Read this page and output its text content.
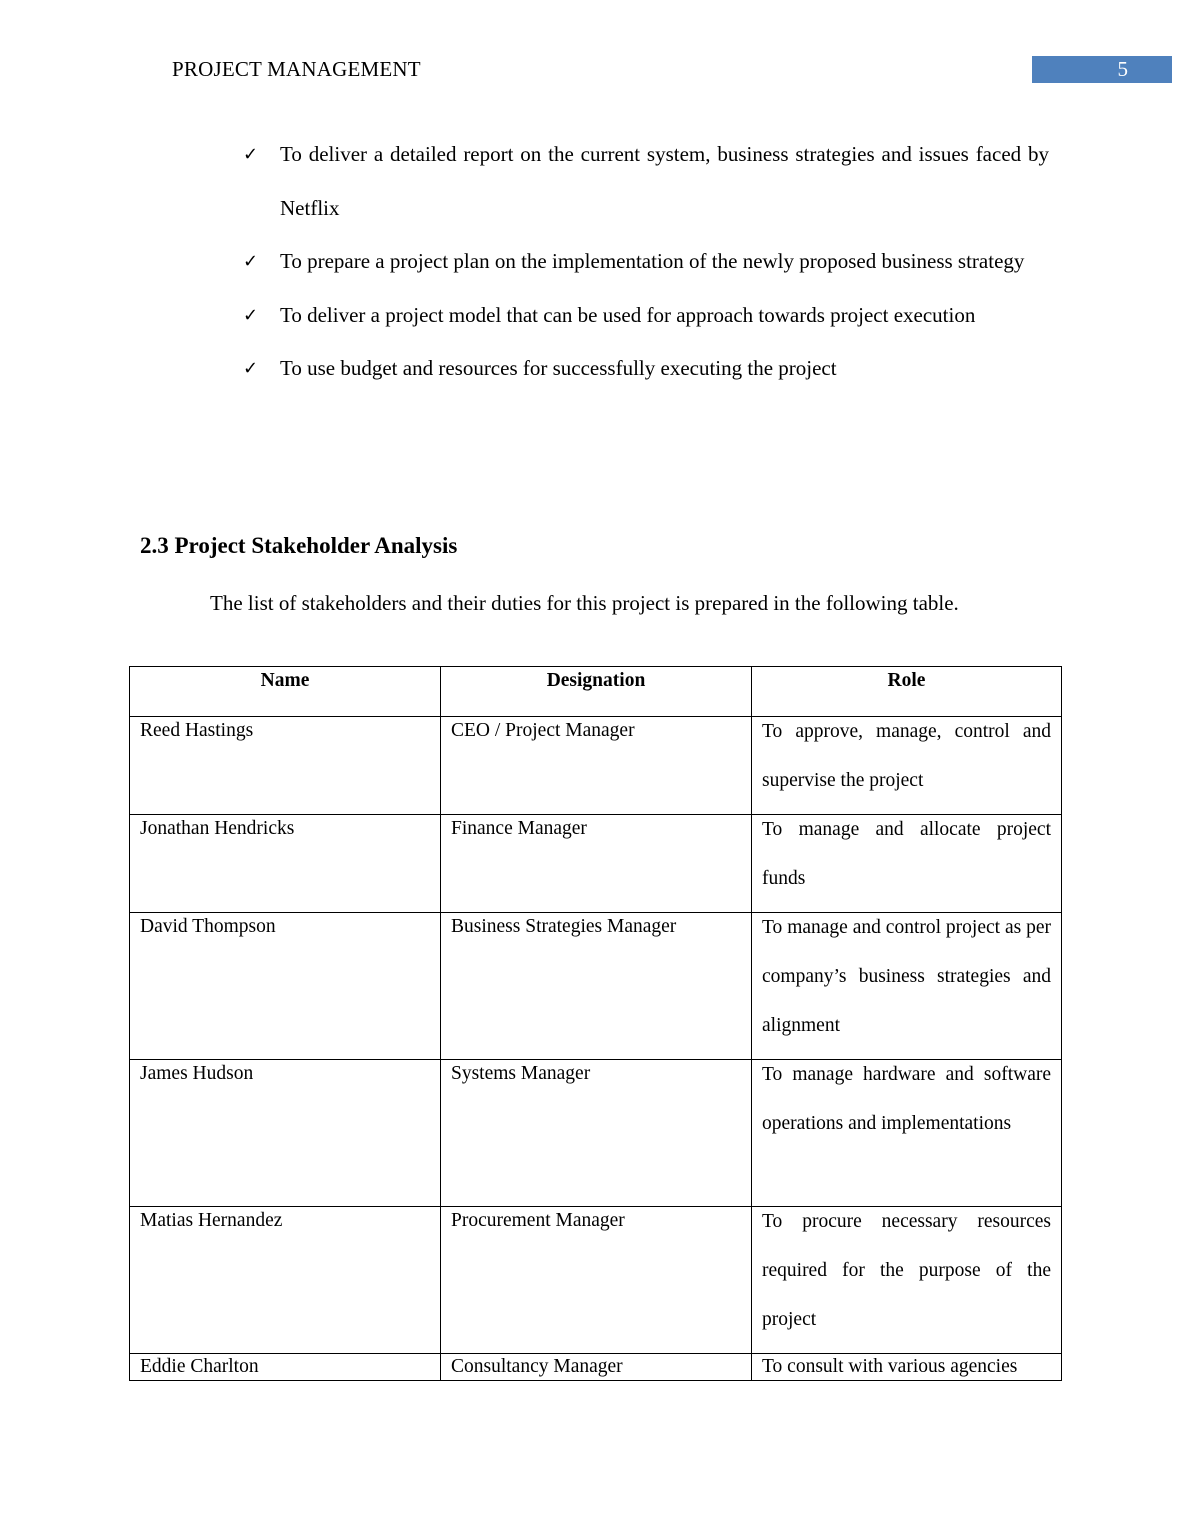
PROJECT MANAGEMENT	5
✓ To deliver a detailed report on the current system, business strategies and issues faced by Netflix
✓ To prepare a project plan on the implementation of the newly proposed business strategy
✓ To deliver a project model that can be used for approach towards project execution
✓ To use budget and resources for successfully executing the project
2.3 Project Stakeholder Analysis
The list of stakeholders and their duties for this project is prepared in the following table.
Name	Designation	Role
Reed Hastings	CEO / Project Manager	To approve, manage, control and supervise the project

Jonathan Hendricks	Finance Manager	To manage and allocate project funds

David Thompson	Business Strategies Manager	To manage and control project as per company’s business strategies and alignment

James Hudson	Systems Manager	To manage hardware and software operations and implementations

Matias Hernandez	Procurement Manager	To procure necessary resources required for the purpose of the project

Eddie Charlton	Consultancy Manager	To consult with various agencies
